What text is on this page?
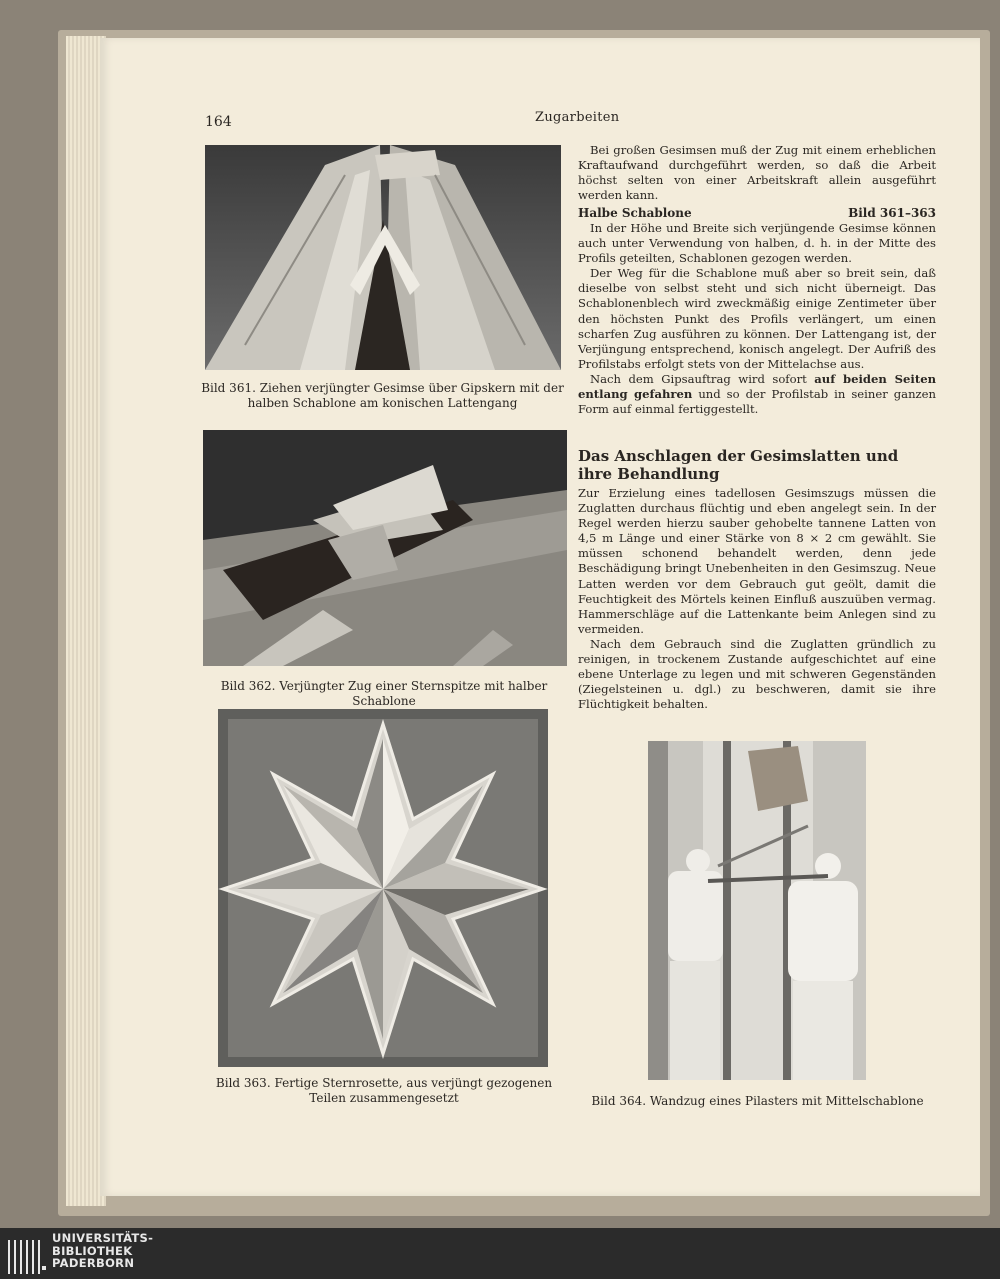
164	Zugarbeiten
Bild 361. Ziehen verjüngter Gesimse über Gipskern mit der halben Schablone am konischen Lattengang
Bild 362. Verjüngter Zug einer Sternspitze mit halber Schablone
Bild 363. Fertige Sternrosette, aus verjüngt gezogenen Teilen zusammengesetzt	Bild 364. Wandzug eines Pilasters mit Mittelschablone

Bei großen Gesimsen muß der Zug mit einem erheblichen Kraftaufwand durchgeführt werden, so daß die Arbeit höchst selten von einer Arbeitskraft allein ausgeführt werden kann.

Halbe Schablone	Bild 361–363

In der Höhe und Breite sich verjüngende Gesimse können auch unter Verwendung von halben, d. h. in der Mitte des Profils geteilten, Schablonen gezogen werden.

Der Weg für die Schablone muß aber so breit sein, daß dieselbe von selbst steht und sich nicht überneigt. Das Schablonenblech wird zweckmäßig einige Zentimeter über den höchsten Punkt des Profils verlängert, um einen scharfen Zug ausführen zu können. Der Lattengang ist, der Verjüngung entsprechend, konisch angelegt. Der Aufriß des Profilstabs erfolgt stets von der Mittelachse aus.

Nach dem Gipsauftrag wird sofort auf beiden Seiten entlang gefahren und so der Profilstab in seiner ganzen Form auf einmal fertiggestellt.

Das Anschlagen der Gesimslatten und ihre Behandlung

Zur Erzielung eines tadellosen Gesimszugs müssen die Zuglatten durchaus flüchtig und eben angelegt sein. In der Regel werden hierzu sauber gehobelte tannene Latten von 4,5 m Länge und einer Stärke von 8 × 2 cm gewählt. Sie müssen schonend behandelt werden, denn jede Beschädigung bringt Unebenheiten in den Gesimszug. Neue Latten werden vor dem Gebrauch gut geölt, damit die Feuchtigkeit des Mörtels keinen Einfluß auszuüben vermag. Hammerschläge auf die Lattenkante beim Anlegen sind zu vermeiden.

Nach dem Gebrauch sind die Zuglatten gründlich zu reinigen, in trockenem Zustande aufgeschichtet auf eine ebene Unterlage zu legen und mit schweren Gegenständen (Ziegelsteinen u. dgl.) zu beschweren, damit sie ihre Flüchtigkeit behalten.

UNIVERSITÄTS-
BIBLIOTHEK
PADERBORN
